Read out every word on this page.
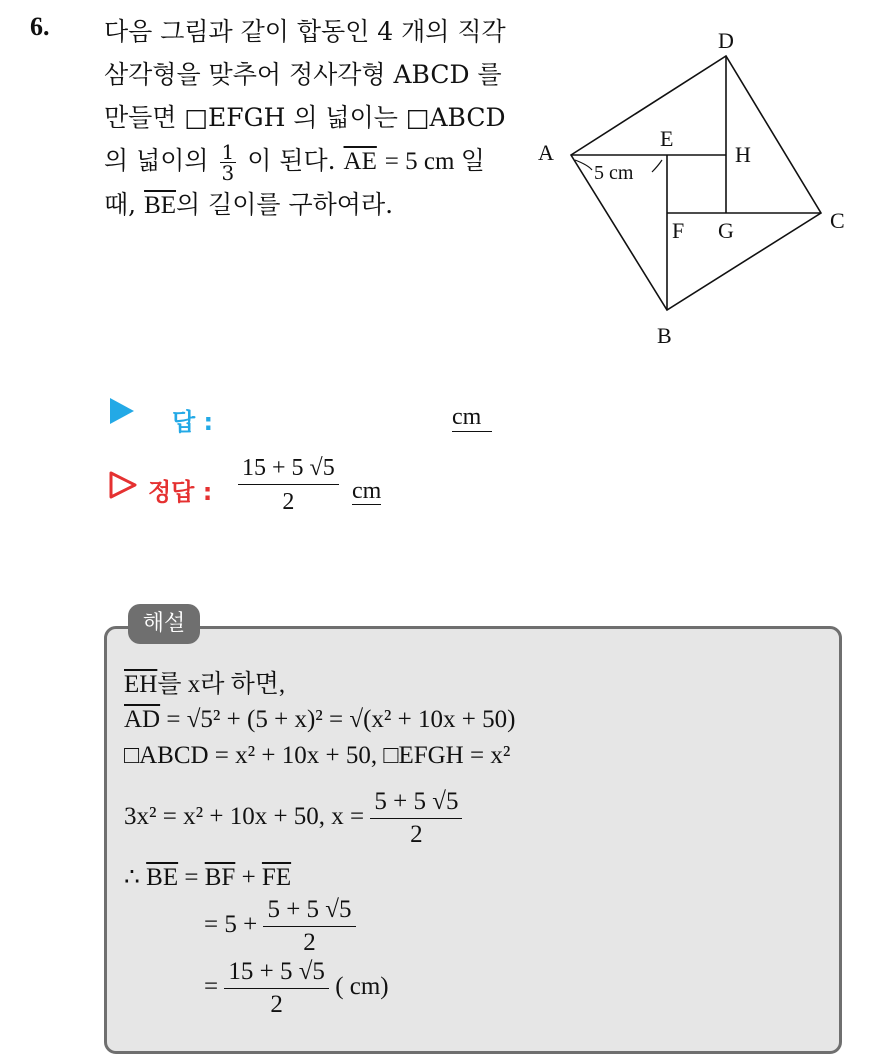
6. 다음 그림과 같이 합동인 4 개의 직각
삼각형을 맞추어 정사각형 ABCD 를
만들면 □EFGH 의 넓이는 □ABCD
의 넓이의 $\frac{1}{3}$ 이 된다. $\overline{AE} = 5$ cm 일
때, $\overline{BE}$의 길이를 구하여라.
D
A
E
H
F G	C
B
5 cm
답 :	cm
정답 : $\frac{15 + 5 √5}{2}$ cm
해설
$\overline{EH}$를 x라 하면,
$\overline{AD} = √5^2 + (5 + x)^2 = √(x^2 + 10x + 50)$
□ABCD = x² + 10x + 50, □EFGH = x²
3x² = x² + 10x + 50, $x = \frac{5 + 5 √5}{2}$
∴ $\overline{BE} = \overline{BF} + \overline{FE}$
= $5 + \frac{5 + 5 √5}{2}$
= $\frac{15 + 5 √5}{2}$ ( cm)
